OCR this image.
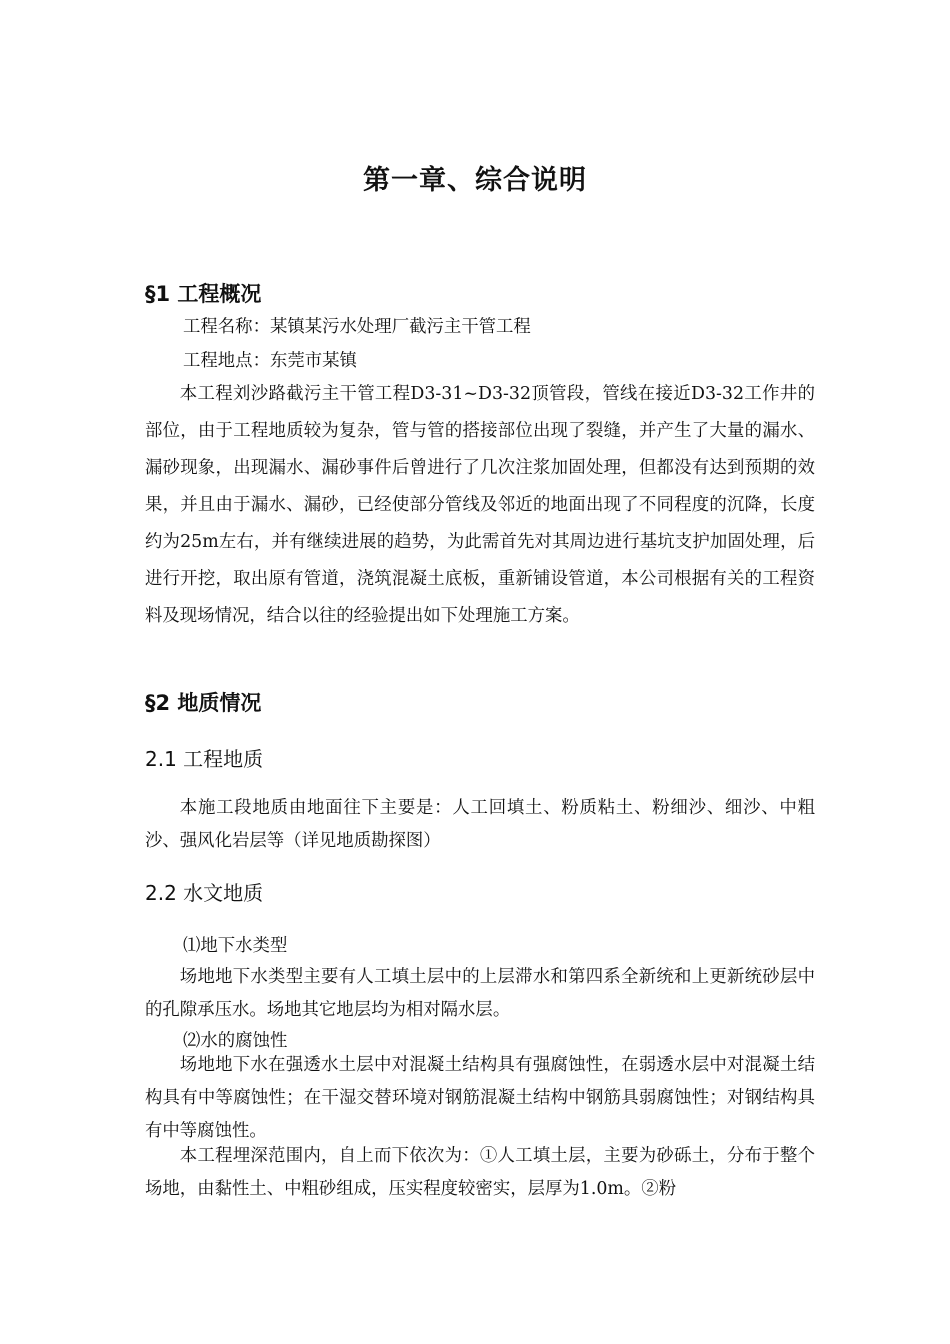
第一章、综合说明
§1 工程概况
工程名称：某镇某污水处理厂截污主干管工程
工程地点：东莞市某镇

本工程刘沙路截污主干管工程D3-31~D3-32顶管段，管线在接近D3-32工作井的部位，由于工程地质较为复杂，管与管的搭接部位出现了裂缝，并产生了大量的漏水、漏砂现象，出现漏水、漏砂事件后曾进行了几次注浆加固处理，但都没有达到预期的效果，并且由于漏水、漏砂，已经使部分管线及邻近的地面出现了不同程度的沉降，长度约为25m左右，并有继续进展的趋势，为此需首先对其周边进行基坑支护加固处理，后进行开挖，取出原有管道，浇筑混凝土底板，重新铺设管道，本公司根据有关的工程资料及现场情况，结合以往的经验提出如下处理施工方案。

§2 地质情况
2.1 工程地质

本施工段地质由地面往下主要是：人工回填土、粉质粘土、粉细沙、细沙、中粗沙、强风化岩层等（详见地质勘探图）

2.2 水文地质
⑴地下水类型

场地地下水类型主要有人工填土层中的上层滞水和第四系全新统和上更新统砂层中的孔隙承压水。场地其它地层均为相对隔水层。

⑵水的腐蚀性

场地地下水在强透水土层中对混凝土结构具有强腐蚀性，在弱透水层中对混凝土结构具有中等腐蚀性；在干湿交替环境对钢筋混凝土结构中钢筋具弱腐蚀性；对钢结构具有中等腐蚀性。

本工程埋深范围内，自上而下依次为：①人工填土层，主要为砂砾土，分布于整个场地，由黏性土、中粗砂组成，压实程度较密实，层厚为1.0m。②粉
